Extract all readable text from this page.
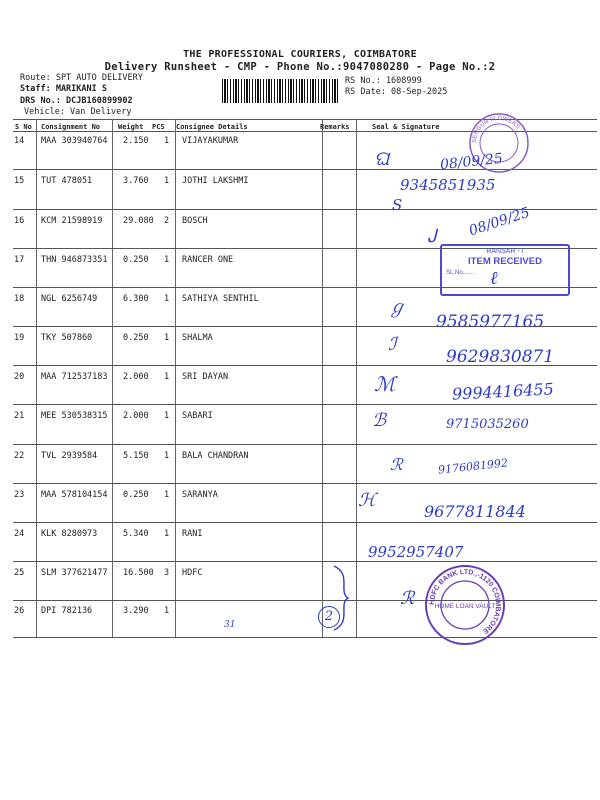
THE PROFESSIONAL COURIERS, COIMBATORE
Delivery Runsheet - CMP - Phone No.:9047080280 - Page No.:2
Route: SPT AUTO DELIVERY
Staff: MARIKANI S
DRS No.: DCJB160899902
Vehicle: Van Delivery
RS No.: 1608999
RS Date: 08-Sep-2025
S No Consignment No	Weight PCS Consignee Details	Remarks	Seal & Signature
14 MAA 303940764 2.150 1 VIJAYAKUMAR
15 TUT 478051	3.760 1 JOTHI LAKSHMI
16 KCM 21598919 29.080 2 BOSCH
17 THN 946873351 0.250 1 RANCER ONE
18 NGL 6256749	6.300 1 SATHIYA SENTHIL
19 TKY 507860	0.250 1 SHALMA
20 MAA 712537183 2.000 1 SRI DAYAN
21 MEE 530538315 2.000 1 SABARI
22 TVL 2939584	5.150 1 BALA CHANDRAN
23 MAA 578104154 0.250 1 SARANYA
24 KLK 8280973	5.340 1 RANI
25 SLM 377621477 16.500 3 HDFC
26 DPI 782136	3.290 1
SENGUN FLOWERS
RANSAR - I
ITEM RECEIVED
SL.No.......
HDFC BANK LTD.,-1120 COIMBATORE
HOME LOAN VAULT
ଘ	08/09/25
9345851935
S
Ꭻ 08/09/25
ℓ
ℊ
9585977165
ℐ
9629830871
ℳ	9994416455
ℬ	9715035260
ℛ	9176081992
ℋ
9677811844
9952957407
ℛ
31
2
